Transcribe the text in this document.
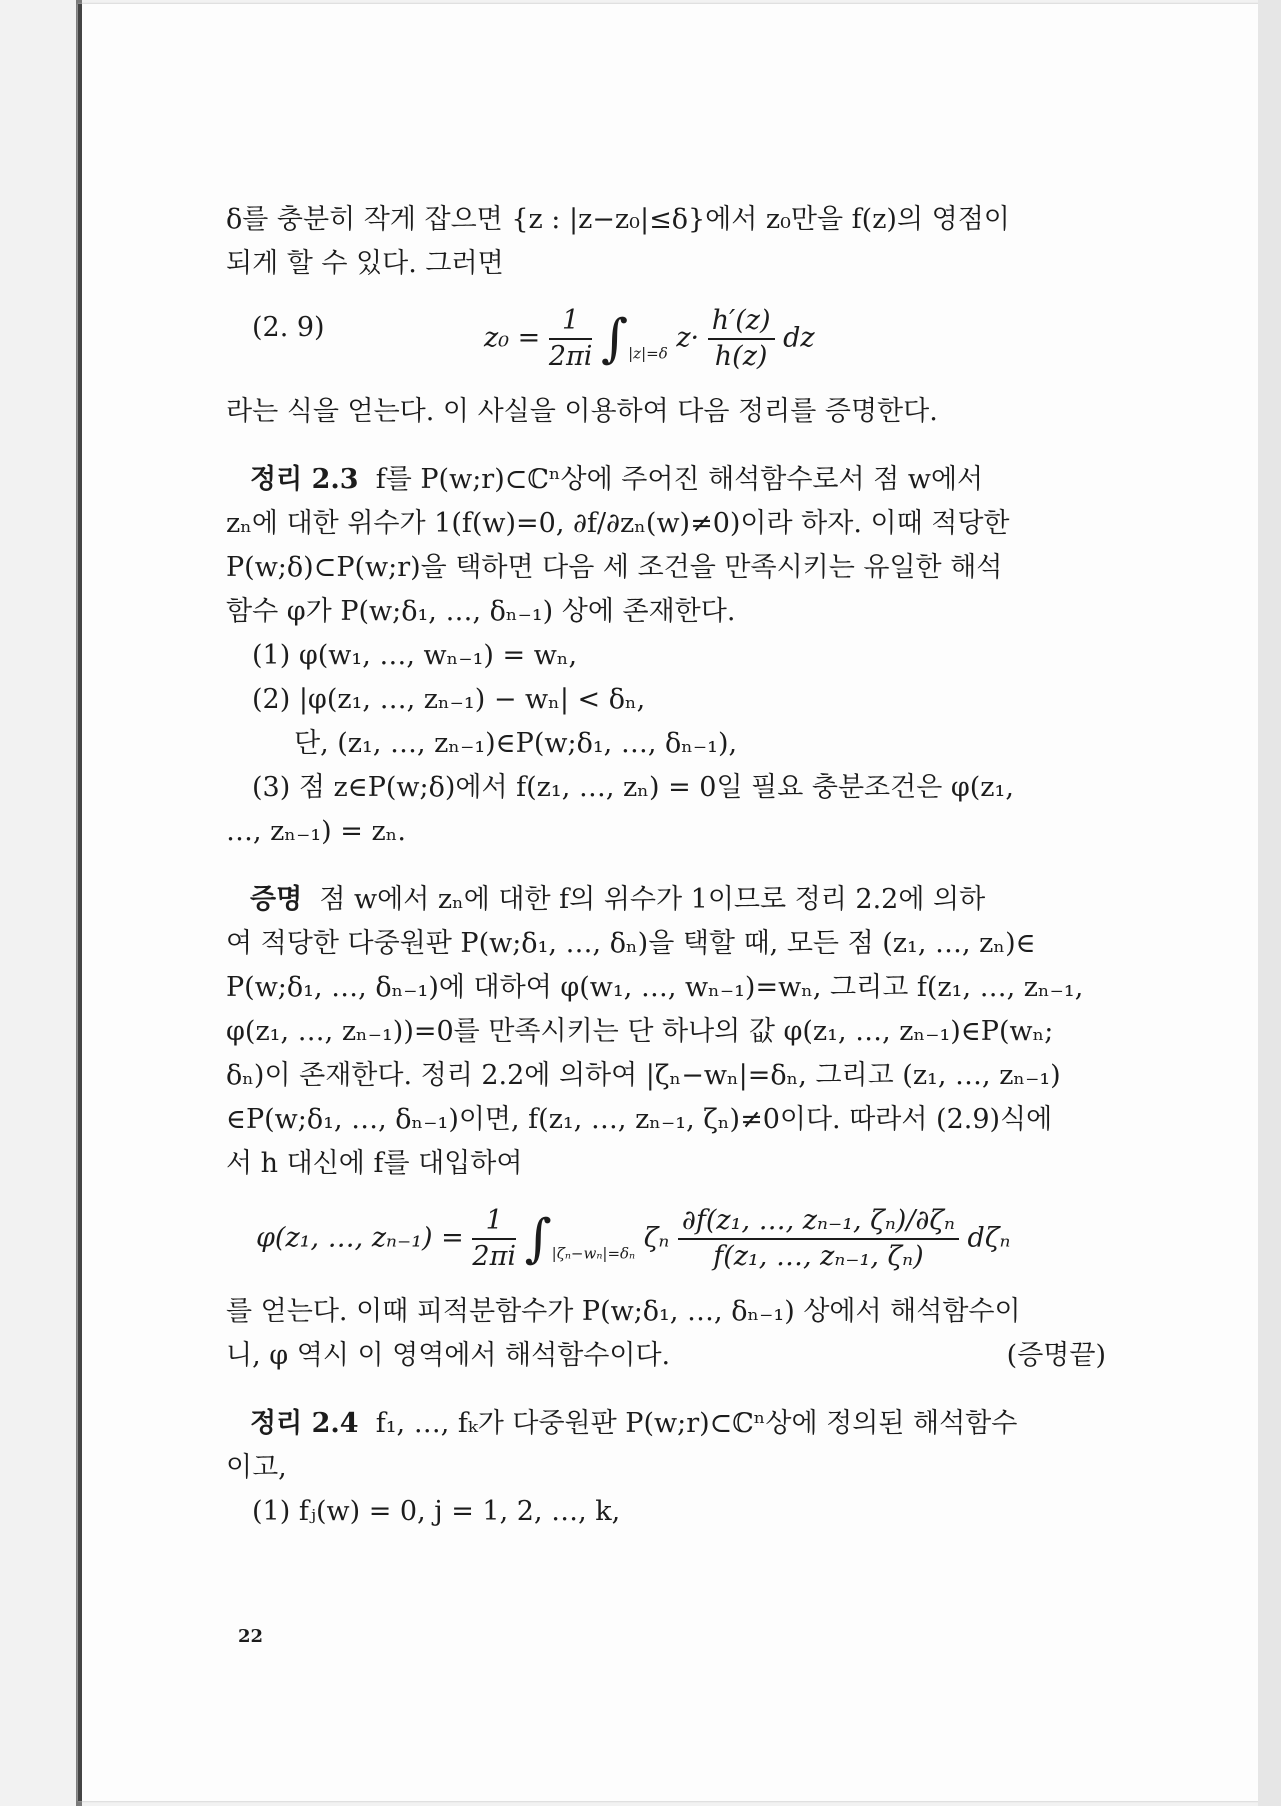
δ를 충분히 작게 잡으면 {z : |z−z₀|≤δ}에서 z₀만을 f(z)의 영점이

되게 할 수 있다. 그러면

(2. 9)	$z_0 = \frac{1}{2\pi i} \int_{|z|=\delta}$ $z\cdot \frac{h'(z)}{h(z)}$ dz

라는 식을 얻는다. 이 사실을 이용하여 다음 정리를 증명한다.

정리 2.3 f를 P(w;r)⊂ℂⁿ상에 주어진 해석함수로서 점 w에서

zₙ에 대한 위수가 1(f(w)=0, ∂f/∂zₙ(w)≠0)이라 하자. 이때 적당한

P(w;δ)⊂P(w;r)을 택하면 다음 세 조건을 만족시키는 유일한 해석

함수 φ가 P(w;δ₁, …, δₙ₋₁) 상에 존재한다.

(1) φ(w₁, …, wₙ₋₁) = wₙ,

(2) |φ(z₁, …, zₙ₋₁) − wₙ| < δₙ,

단, (z₁, …, zₙ₋₁)∈P(w;δ₁, …, δₙ₋₁),

(3) 점 z∈P(w;δ)에서 f(z₁, …, zₙ) = 0일 필요 충분조건은 φ(z₁,

…, zₙ₋₁) = zₙ.

증명 점 w에서 zₙ에 대한 f의 위수가 1이므로 정리 2.2에 의하

여 적당한 다중원판 P(w;δ₁, …, δₙ)을 택할 때, 모든 점 (z₁, …, zₙ)∈

P(w;δ₁, …, δₙ₋₁)에 대하여 φ(w₁, …, wₙ₋₁)=wₙ, 그리고 f(z₁, …, zₙ₋₁,

φ(z₁, …, zₙ₋₁))=0를 만족시키는 단 하나의 값 φ(z₁, …, zₙ₋₁)∈P(wₙ;

δₙ)이 존재한다. 정리 2.2에 의하여 |ζₙ−wₙ|=δₙ, 그리고 (z₁, …, zₙ₋₁)

∈P(w;δ₁, …, δₙ₋₁)이면, f(z₁, …, zₙ₋₁, ζₙ)≠0이다. 따라서 (2.9)식에

서 h 대신에 f를 대입하여

φ(z₁, …, $z_{n-1}) = \frac{1}{2\pi i} \int_{|\zeta_n-w_n|=\delta_n}$ ζₙ $\frac{\text{∂f(z₁, …, zₙ₋₁, ζₙ)/∂ζₙ}}{\text{f(z₁, …, zₙ₋₁, ζₙ)}}$ dζₙ

를 얻는다. 이때 피적분함수가 P(w;δ₁, …, δₙ₋₁) 상에서 해석함수이

니, φ 역시 이 영역에서 해석함수이다.	(증명끝)

정리 2.4 f₁, …, fₖ가 다중원판 P(w;r)⊂ℂⁿ상에 정의된 해석함수

이고,

(1) fⱼ(w) = 0, j = 1, 2, …, k,

22
